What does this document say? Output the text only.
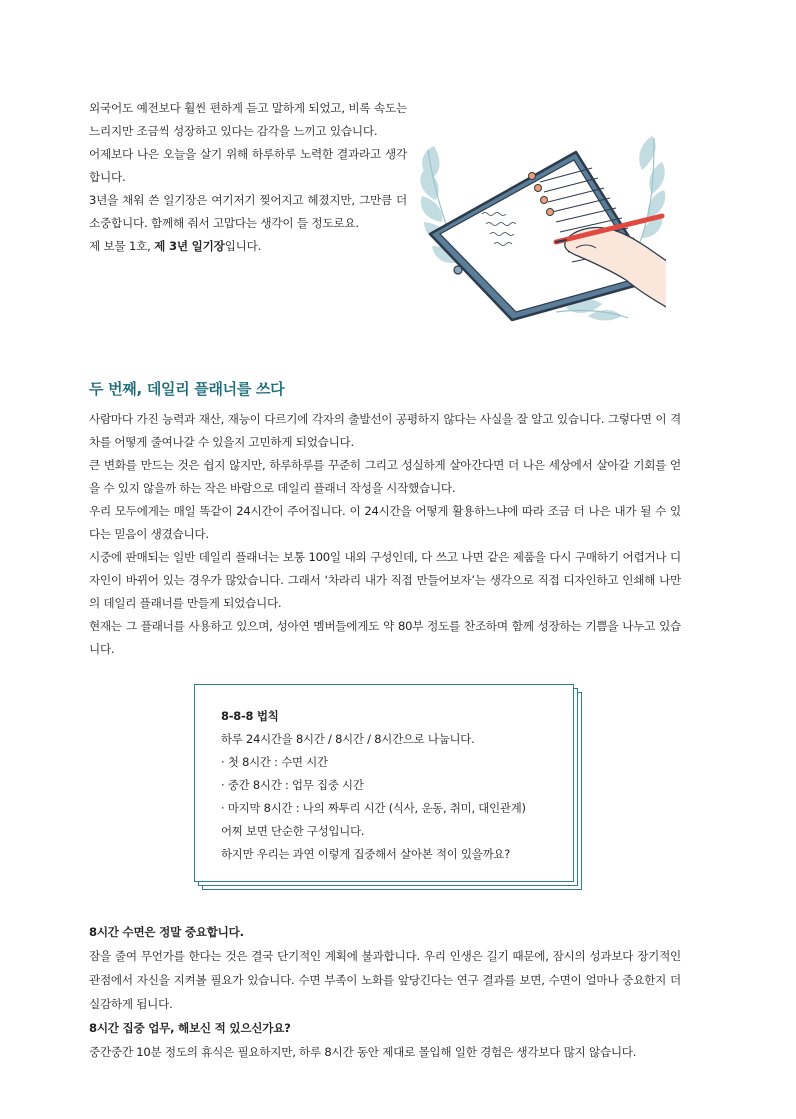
외국어도 예전보다 훨씬 편하게 듣고 말하게 되었고, 비록 속도는 느리지만 조금씩 성장하고 있다는 감각을 느끼고 있습니다.

어제보다 나은 오늘을 살기 위해 하루하루 노력한 결과라고 생각합니다.

3년을 채워 쓴 일기장은 여기저기 찢어지고 헤졌지만, 그만큼 더 소중합니다. 함께해 줘서 고맙다는 생각이 들 정도로요.

제 보물 1호, 제 3년 일기장입니다.

두 번째, 데일리 플래너를 쓰다

사람마다 가진 능력과 재산, 재능이 다르기에 각자의 출발선이 공평하지 않다는 사실을 잘 알고 있습니다. 그렇다면 이 격차를 어떻게 줄여나갈 수 있을지 고민하게 되었습니다.

큰 변화를 만드는 것은 쉽지 않지만, 하루하루를 꾸준히 그리고 성실하게 살아간다면 더 나은 세상에서 살아갈 기회를 얻을 수 있지 않을까 하는 작은 바람으로 데일리 플래너 작성을 시작했습니다.

우리 모두에게는 매일 똑같이 24시간이 주어집니다. 이 24시간을 어떻게 활용하느냐에 따라 조금 더 나은 내가 될 수 있다는 믿음이 생겼습니다.

시중에 판매되는 일반 데일리 플래너는 보통 100일 내외 구성인데, 다 쓰고 나면 같은 제품을 다시 구매하기 어렵거나 디자인이 바뀌어 있는 경우가 많았습니다. 그래서 ‘차라리 내가 직접 만들어보자’는 생각으로 직접 디자인하고 인쇄해 나만의 데일리 플래너를 만들게 되었습니다.

현재는 그 플래너를 사용하고 있으며, 성아연 멤버들에게도 약 80부 정도를 찬조하며 함께 성장하는 기쁨을 나누고 있습니다.

8-8-8 법칙

하루 24시간을 8시간 / 8시간 / 8시간으로 나눕니다.

· 첫 8시간 : 수면 시간

· 중간 8시간 : 업무 집중 시간

· 마지막 8시간 : 나의 짜투리 시간 (식사, 운동, 취미, 대인관계)

어찌 보면 단순한 구성입니다.

하지만 우리는 과연 이렇게 집중해서 살아본 적이 있을까요?

8시간 수면은 정말 중요합니다.

잠을 줄여 무언가를 한다는 것은 결국 단기적인 계획에 불과합니다. 우리 인생은 길기 때문에, 잠시의 성과보다 장기적인 관점에서 자신을 지켜볼 필요가 있습니다. 수면 부족이 노화를 앞당긴다는 연구 결과를 보면, 수면이 얼마나 중요한지 더 실감하게 됩니다.

8시간 집중 업무, 해보신 적 있으신가요?

중간중간 10분 정도의 휴식은 필요하지만, 하루 8시간 동안 제대로 몰입해 일한 경험은 생각보다 많지 않습니다.
